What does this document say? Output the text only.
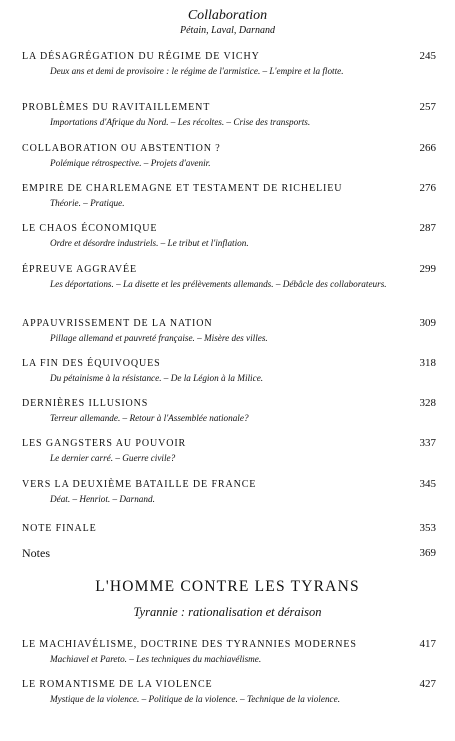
Collaboration
Pétain, Laval, Darnand
LA DÉSAGRÉGATION DU RÉGIME DE VICHY	245
Deux ans et demi de provisoire : le régime de l'armistice. – L'empire et la flotte.
PROBLÈMES DU RAVITAILLEMENT	257
Importations d'Afrique du Nord. – Les récoltes. – Crise des transports.
COLLABORATION OU ABSTENTION ?	266
Polémique rétrospective. – Projets d'avenir.
EMPIRE DE CHARLEMAGNE ET TESTAMENT DE RICHELIEU	276
Théorie. – Pratique.
LE CHAOS ÉCONOMIQUE	287
Ordre et désordre industriels. – Le tribut et l'inflation.
ÉPREUVE AGGRAVÉE	299
Les déportations. – La disette et les prélèvements allemands. – Débâcle des collaborateurs.
APPAUVRISSEMENT DE LA NATION	309
Pillage allemand et pauvreté française. – Misère des villes.
LA FIN DES ÉQUIVOQUES	318
Du pétainisme à la résistance. – De la Légion à la Milice.
DERNIÈRES ILLUSIONS	328
Terreur allemande. – Retour à l'Assemblée nationale?
LES GANGSTERS AU POUVOIR	337
Le dernier carré. – Guerre civile?
VERS LA DEUXIÈME BATAILLE DE FRANCE	345
Déat. – Henriot. – Darnand.
NOTE FINALE	353
Notes	369
L'HOMME CONTRE LES TYRANS
Tyrannie : rationalisation et déraison
LE MACHIAVÉLISME, DOCTRINE DES TYRANNIES MODERNES	417
Machiavel et Pareto. – Les techniques du machiavélisme.
LE ROMANTISME DE LA VIOLENCE	427
Mystique de la violence. – Politique de la violence. – Technique de la violence.
